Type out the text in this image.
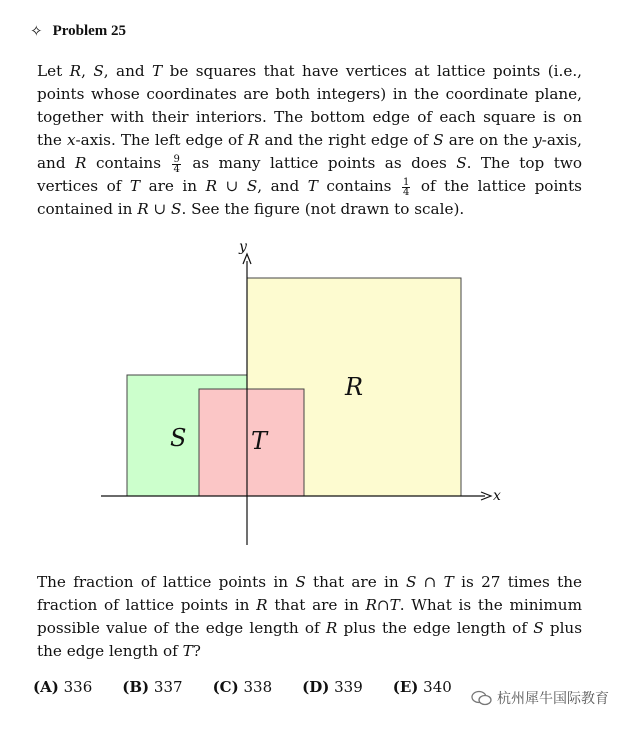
✧ Problem 25

Let R, S, and T be squares that have vertices at lattice points (i.e., points whose coordinates are both integers) in the coordinate plane, together with their interiors. The bottom edge of each square is on the x-axis. The left edge of R and the right edge of S are on the y-axis, and R contains $\frac{9}{4}$ as many lattice points as does S. The top two vertices of T are in R ∪ S, and T contains $\frac{1}{4}$ of the lattice points contained in R ∪ S. See the figure (not drawn to scale).

y
x
R
S	T

The fraction of lattice points in S that are in S ∩ T is 27 times the fraction of lattice points in R that are in R∩T. What is the minimum possible value of the edge length of R plus the edge length of S plus the edge length of T?

(A) 336 (B) 337 (C) 338 (D) 339 (E) 340
杭州犀牛国际教育
